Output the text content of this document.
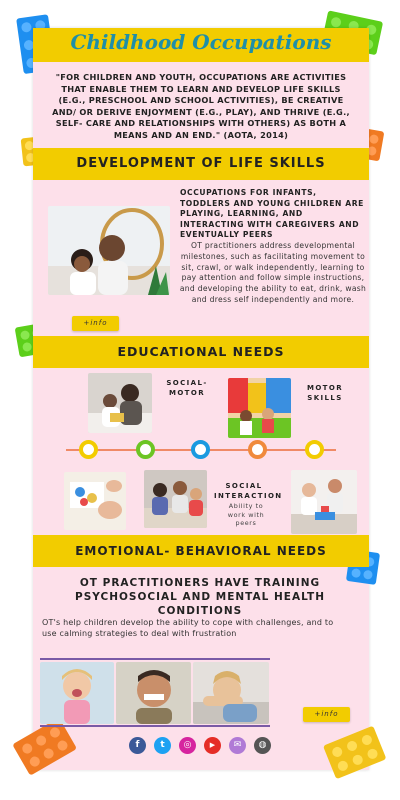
Childhood Occupations
"FOR CHILDREN AND YOUTH, OCCUPATIONS ARE ACTIVITIES THAT ENABLE THEM TO LEARN AND DEVELOP LIFE SKILLS (E.G., PRESCHOOL AND SCHOOL ACTIVITIES), BE CREATIVE AND/ OR DERIVE ENJOYMENT (E.G., PLAY), AND THRIVE (E.G., SELF- CARE AND RELATIONSHIPS WITH OTHERS) AS BOTH A MEANS AND AN END." (AOTA, 2014)
DEVELOPMENT OF LIFE SKILLS
OCCUPATIONS FOR INFANTS, TODDLERS AND YOUNG CHILDREN ARE PLAYING, LEARNING, AND INTERACTING WITH CAREGIVERS AND EVENTUALLY PEERS
OT practitioners address developmental milestones, such as facilitating movement to sit, crawl, or walk independently, learning to pay attention and follow simple instructions, and developing the ability to eat, drink, wash and dress self independently and more.
+info
EDUCATIONAL NEEDS
SOCIAL-MOTOR
MOTOR SKILLS
SOCIAL INTERACTION
Ability to work with peers
EMOTIONAL- BEHAVIORAL NEEDS
OT PRACTITIONERS HAVE TRAINING PSYCHOSOCIAL AND MENTAL HEALTH CONDITIONS
OT's help children develop the ability to cope with challenges, and to use calming strategies to deal with frustration
+info
f	t	◎	▶	✉	◍
